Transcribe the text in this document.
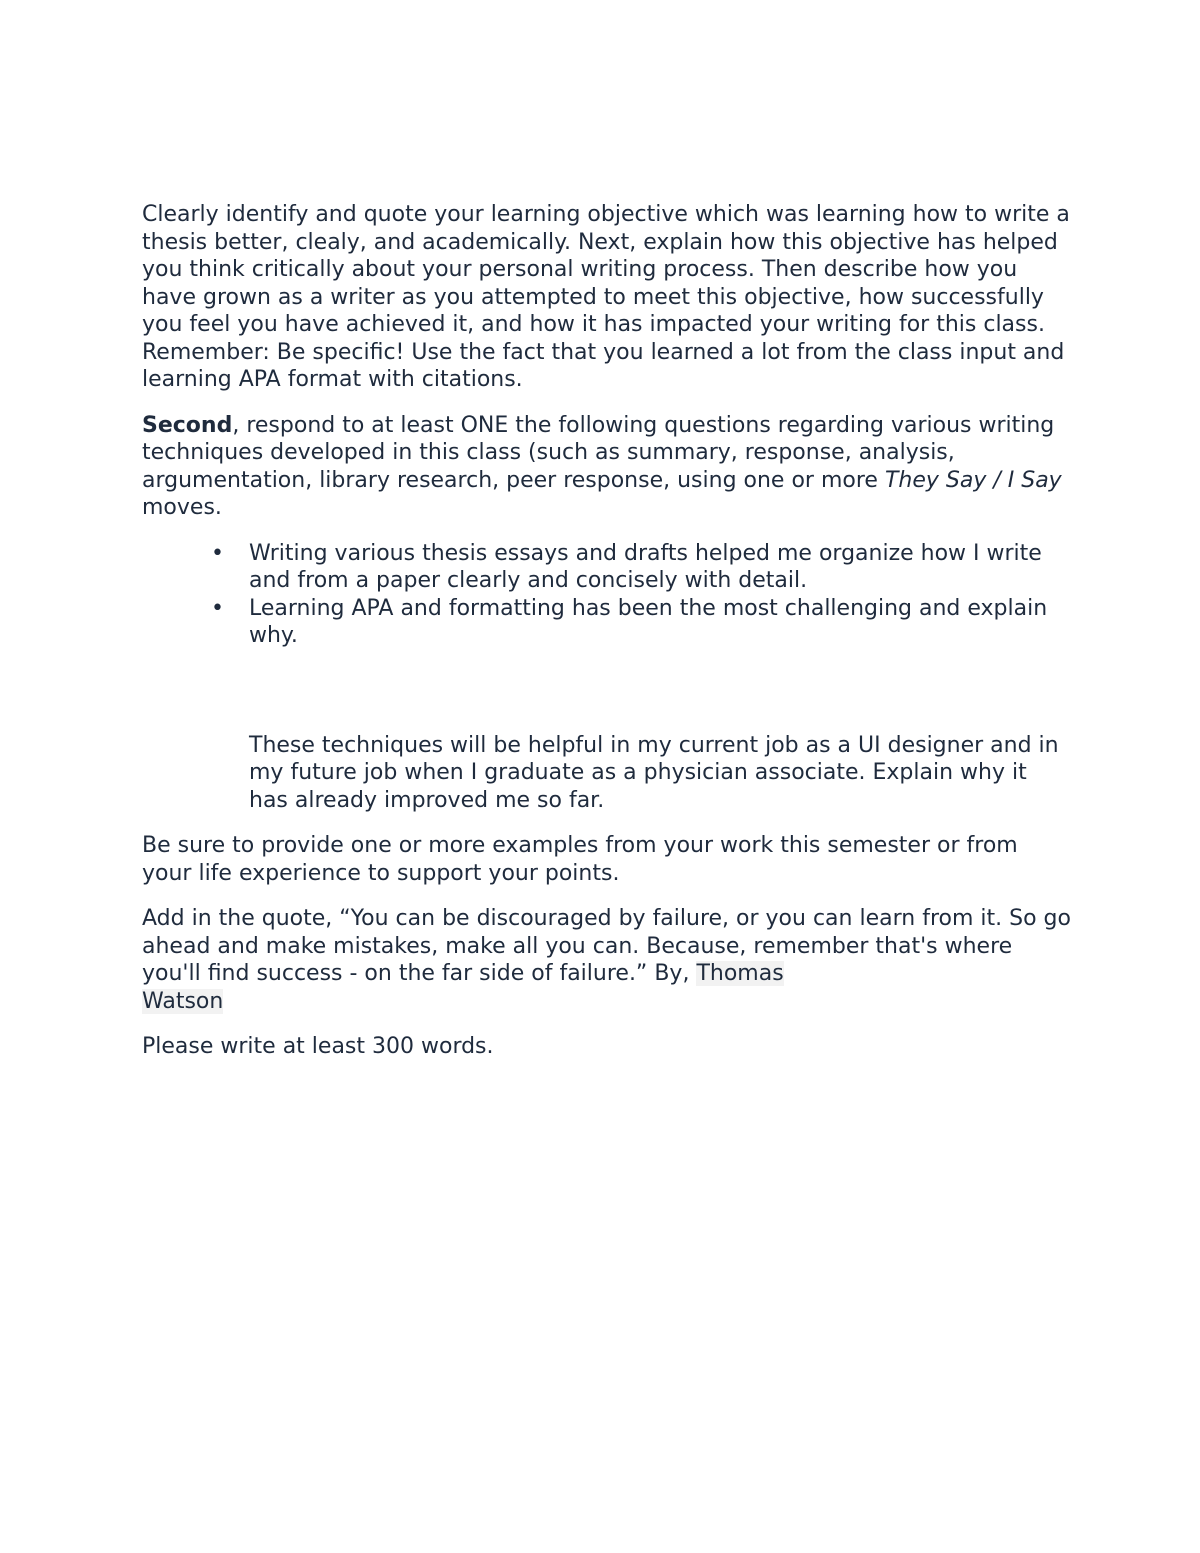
Clearly identify and quote your learning objective which was learning how to write a thesis better, clealy, and academically. Next, explain how this objective has helped you think critically about your personal writing process. Then describe how you have grown as a writer as you attempted to meet this objective, how successfully you feel you have achieved it, and how it has impacted your writing for this class. Remember: Be specific! Use the fact that you learned a lot from the class input and learning APA format with citations.

Second, respond to at least ONE the following questions regarding various writing techniques developed in this class (such as summary, response, analysis, argumentation, library research, peer response, using one or more They Say / I Say moves.

• Writing various thesis essays and drafts helped me organize how I write and from a paper clearly and concisely with detail.
• Learning APA and formatting has been the most challenging and explain why.

These techniques will be helpful in my current job as a UI designer and in my future job when I graduate as a physician associate. Explain why it has already improved me so far.

Be sure to provide one or more examples from your work this semester or from your life experience to support your points.

Add in the quote, “You can be discouraged by failure, or you can learn from it. So go ahead and make mistakes, make all you can. Because, remember that's where you'll find success - on the far side of failure.” By, Thomas
Watson

Please write at least 300 words.
